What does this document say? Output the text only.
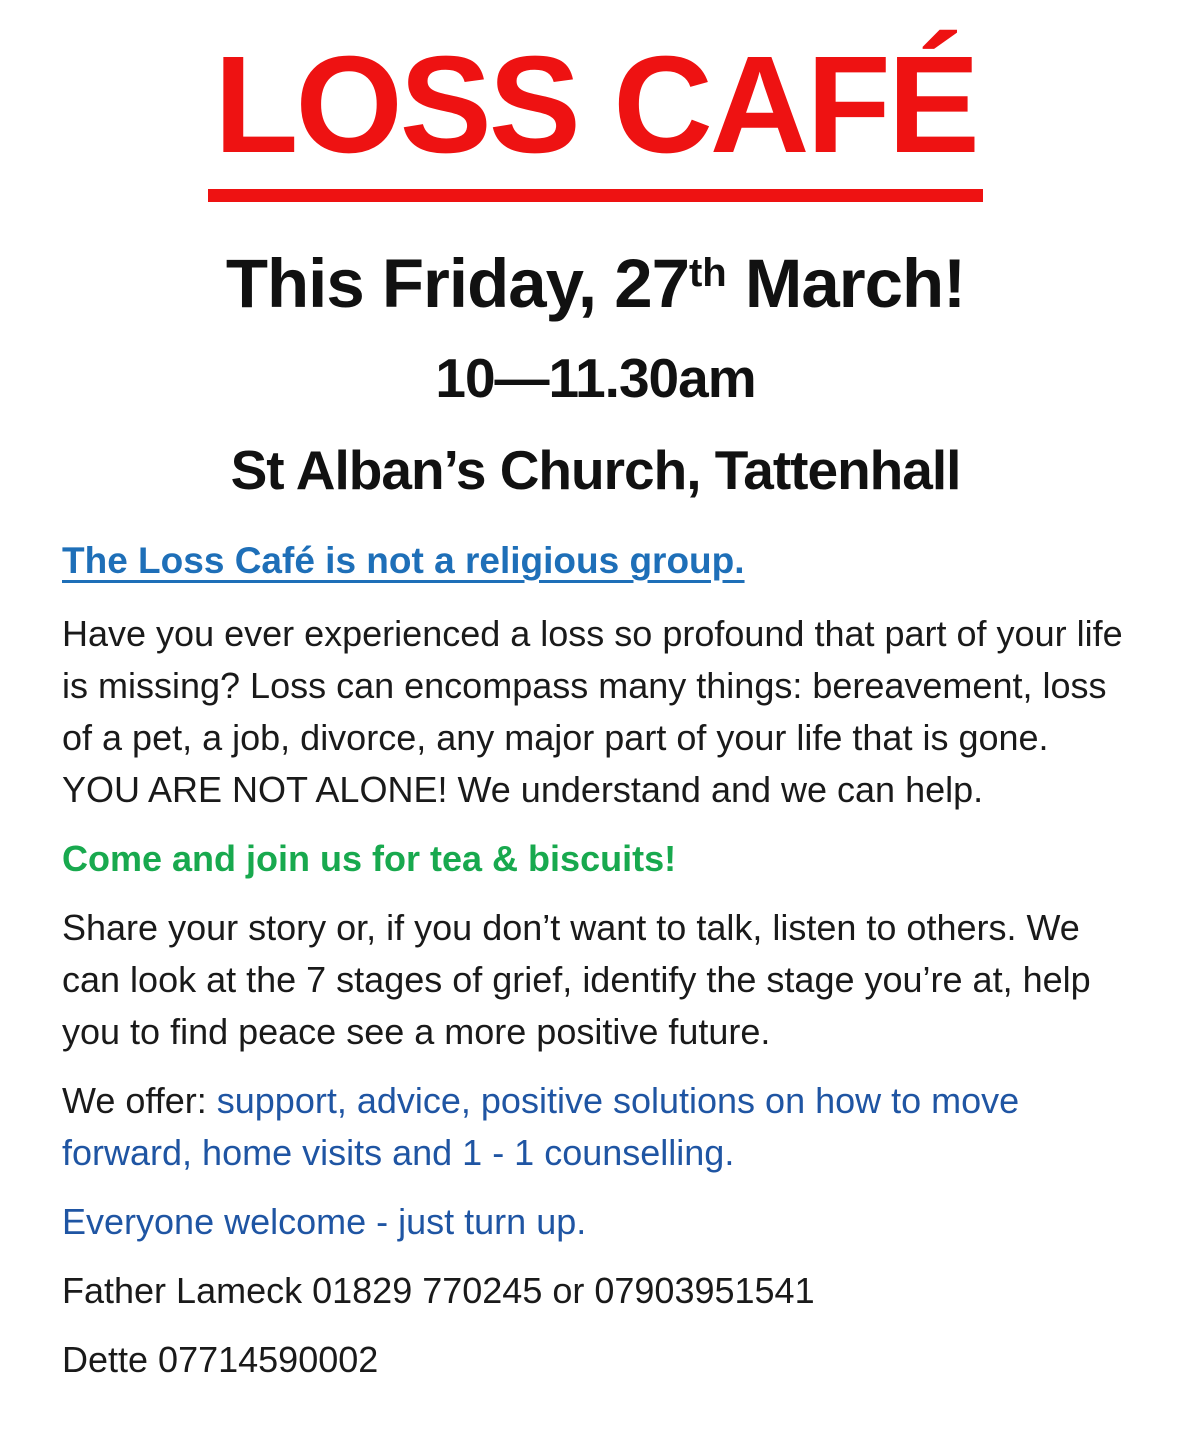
LOSS CAFÉ
This Friday, 27th March!
10—11.30am
St Alban’s Church, Tattenhall

The Loss Café is not a religious group.

Have you ever experienced a loss so profound that part of your life is missing? Loss can encompass many things: bereavement, loss of a pet, a job, divorce, any major part of your life that is gone. YOU ARE NOT ALONE! We understand and we can help.

Come and join us for tea & biscuits!

Share your story or, if you don’t want to talk, listen to others. We can look at the 7 stages of grief, identify the stage you’re at, help you to find peace see a more positive future.

We offer: support, advice, positive solutions on how to move forward, home visits and 1 - 1 counselling.

Everyone welcome - just turn up.

Father Lameck 01829 770245 or 07903951541

Dette 07714590002
